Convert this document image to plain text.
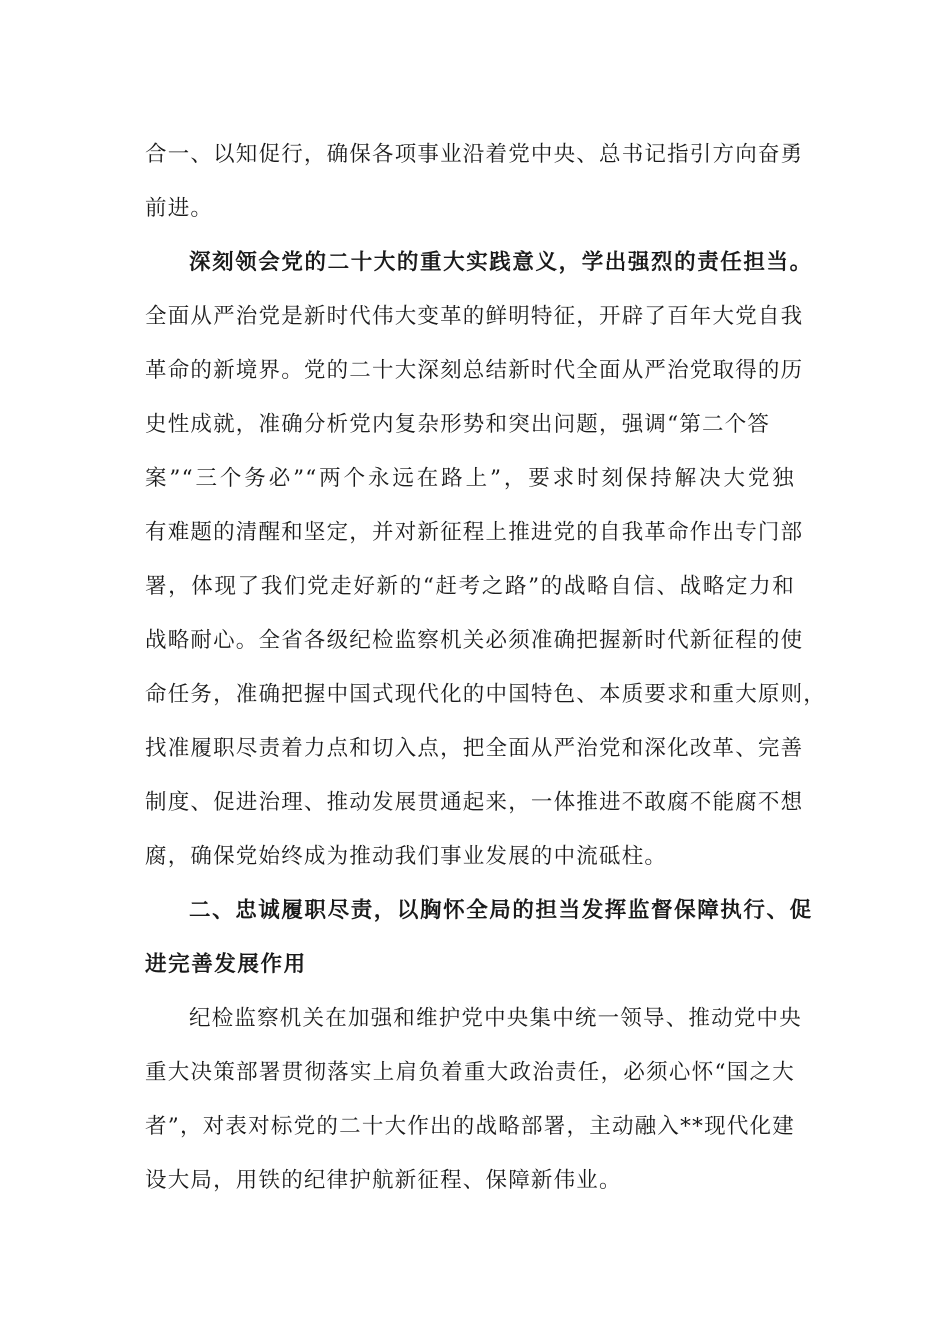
合一、以知促行，确保各项事业沿着党中央、总书记指引方向奋勇
前进。
深刻领会党的二十大的重大实践意义，学出强烈的责任担当。
全面从严治党是新时代伟大变革的鲜明特征，开辟了百年大党自我
革命的新境界。党的二十大深刻总结新时代全面从严治党取得的历
史性成就，准确分析党内复杂形势和突出问题，强调“第二个答
案”“三个务必”“两个永远在路上”，要求时刻保持解决大党独
有难题的清醒和坚定，并对新征程上推进党的自我革命作出专门部
署，体现了我们党走好新的“赶考之路”的战略自信、战略定力和
战略耐心。全省各级纪检监察机关必须准确把握新时代新征程的使
命任务，准确把握中国式现代化的中国特色、本质要求和重大原则，
找准履职尽责着力点和切入点，把全面从严治党和深化改革、完善
制度、促进治理、推动发展贯通起来，一体推进不敢腐不能腐不想
腐，确保党始终成为推动我们事业发展的中流砥柱。
二、忠诚履职尽责，以胸怀全局的担当发挥监督保障执行、促
进完善发展作用
纪检监察机关在加强和维护党中央集中统一领导、推动党中央
重大决策部署贯彻落实上肩负着重大政治责任，必须心怀“国之大
者”，对表对标党的二十大作出的战略部署，主动融入**现代化建
设大局，用铁的纪律护航新征程、保障新伟业。
